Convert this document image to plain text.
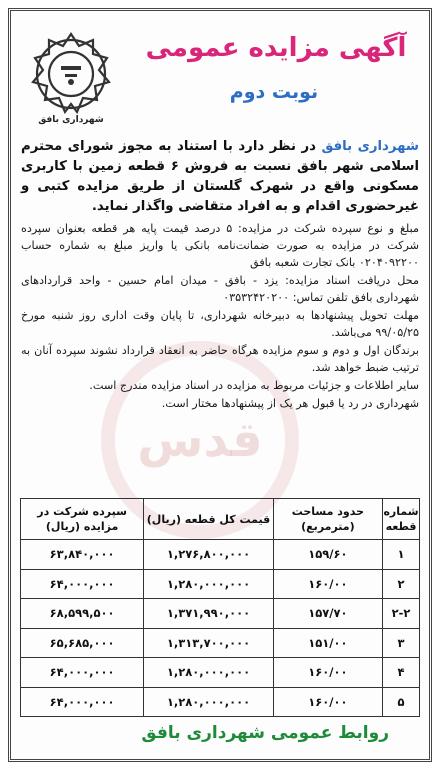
شهرداری بافق
آگهی مزایده عمومی
نوبت دوم
قدس

شهرداری بافق در نظر دارد با استناد به مجوز شورای محترم اسلامی شهر بافق نسبت به فروش ۶ قطعه زمین با کاربری مسکونی واقع در شهرک گلستان از طریق مزایده کتبی و غیرحضوری اقدام و به افراد متقاضی واگذار نماید.

مبلغ و نوع سپرده شرکت در مزایده: ۵ درصد قیمت پایه هر قطعه بعنوان سپرده شرکت در مزایده به صورت ضمانت‌نامه بانکی یا واریز مبلغ به شماره حساب ۰۲۰۴۰۹۲۲۰۰ بانک تجارت شعبه بافق

محل دریافت اسناد مزایده: یزد - بافق - میدان امام حسین - واحد قراردادهای شهرداری بافق تلفن تماس: ۰۳۵۳۲۴۲۰۲۰۰

مهلت تحویل پیشنهادها به دبیرخانه شهرداری، تا پایان وقت اداری روز شنبه مورخ ۹۹/۰۵/۲۵ می‌باشد.

برندگان اول و دوم و سوم مزایده هرگاه حاضر به انعقاد قرارداد نشوند سپرده آنان به ترتیب ضبط خواهد شد.

سایر اطلاعات و جزئیات مربوط به مزایده در اسناد مزایده مندرج است.

شهرداری در رد یا قبول هر یک از پیشنهادها مختار است.

شماره قطعه	حدود مساحت (مترمربع)	قیمت کل قطعه (ریال)	سپرده شرکت در مزایده (ریال)
۱	۱۵۹/۶۰	۱,۲۷۶,۸۰۰,۰۰۰	۶۳,۸۴۰,۰۰۰
۲	۱۶۰/۰۰	۱,۲۸۰,۰۰۰,۰۰۰	۶۴,۰۰۰,۰۰۰
۲-۲	۱۵۷/۷۰	۱,۳۷۱,۹۹۰,۰۰۰	۶۸,۵۹۹,۵۰۰
۳	۱۵۱/۰۰	۱,۳۱۳,۷۰۰,۰۰۰	۶۵,۶۸۵,۰۰۰
۴	۱۶۰/۰۰	۱,۲۸۰,۰۰۰,۰۰۰	۶۴,۰۰۰,۰۰۰
۵	۱۶۰/۰۰	۱,۲۸۰,۰۰۰,۰۰۰	۶۴,۰۰۰,۰۰۰
روابط عمومی شهرداری بافق
